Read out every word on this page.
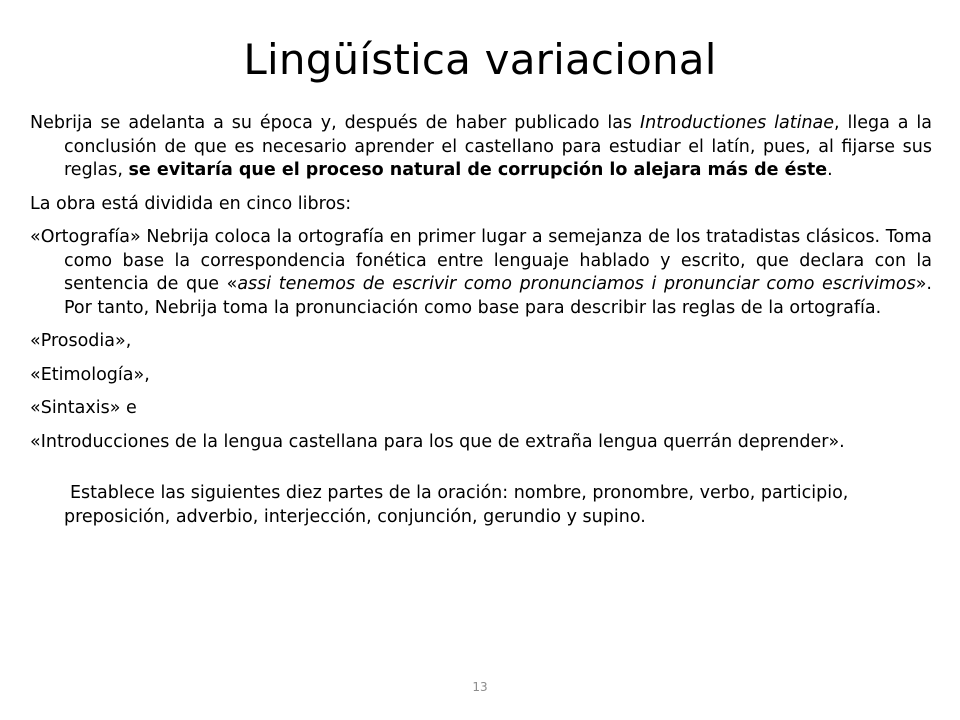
Lingüística variacional

Nebrija se adelanta a su época y, después de haber publicado las Introductiones latinae, llega a la conclusión de que es necesario aprender el castellano para estudiar el latín, pues, al fijarse sus reglas, se evitaría que el proceso natural de corrupción lo alejara más de éste.

La obra está dividida en cinco libros:

«Ortografía» Nebrija coloca la ortografía en primer lugar a semejanza de los tratadistas clásicos. Toma como base la correspondencia fonética entre lenguaje hablado y escrito, que declara con la sentencia de que «assi tenemos de escrivir como pronunciamos i pronunciar como escrivimos». Por tanto, Nebrija toma la pronunciación como base para describir las reglas de la ortografía.

«Prosodia»,

«Etimología»,

«Sintaxis» e

«Introducciones de la lengua castellana para los que de extraña lengua querrán deprender».

Establece las siguientes diez partes de la oración: nombre, pronombre, verbo, participio, preposición, adverbio, interjección, conjunción, gerundio y supino.

13
